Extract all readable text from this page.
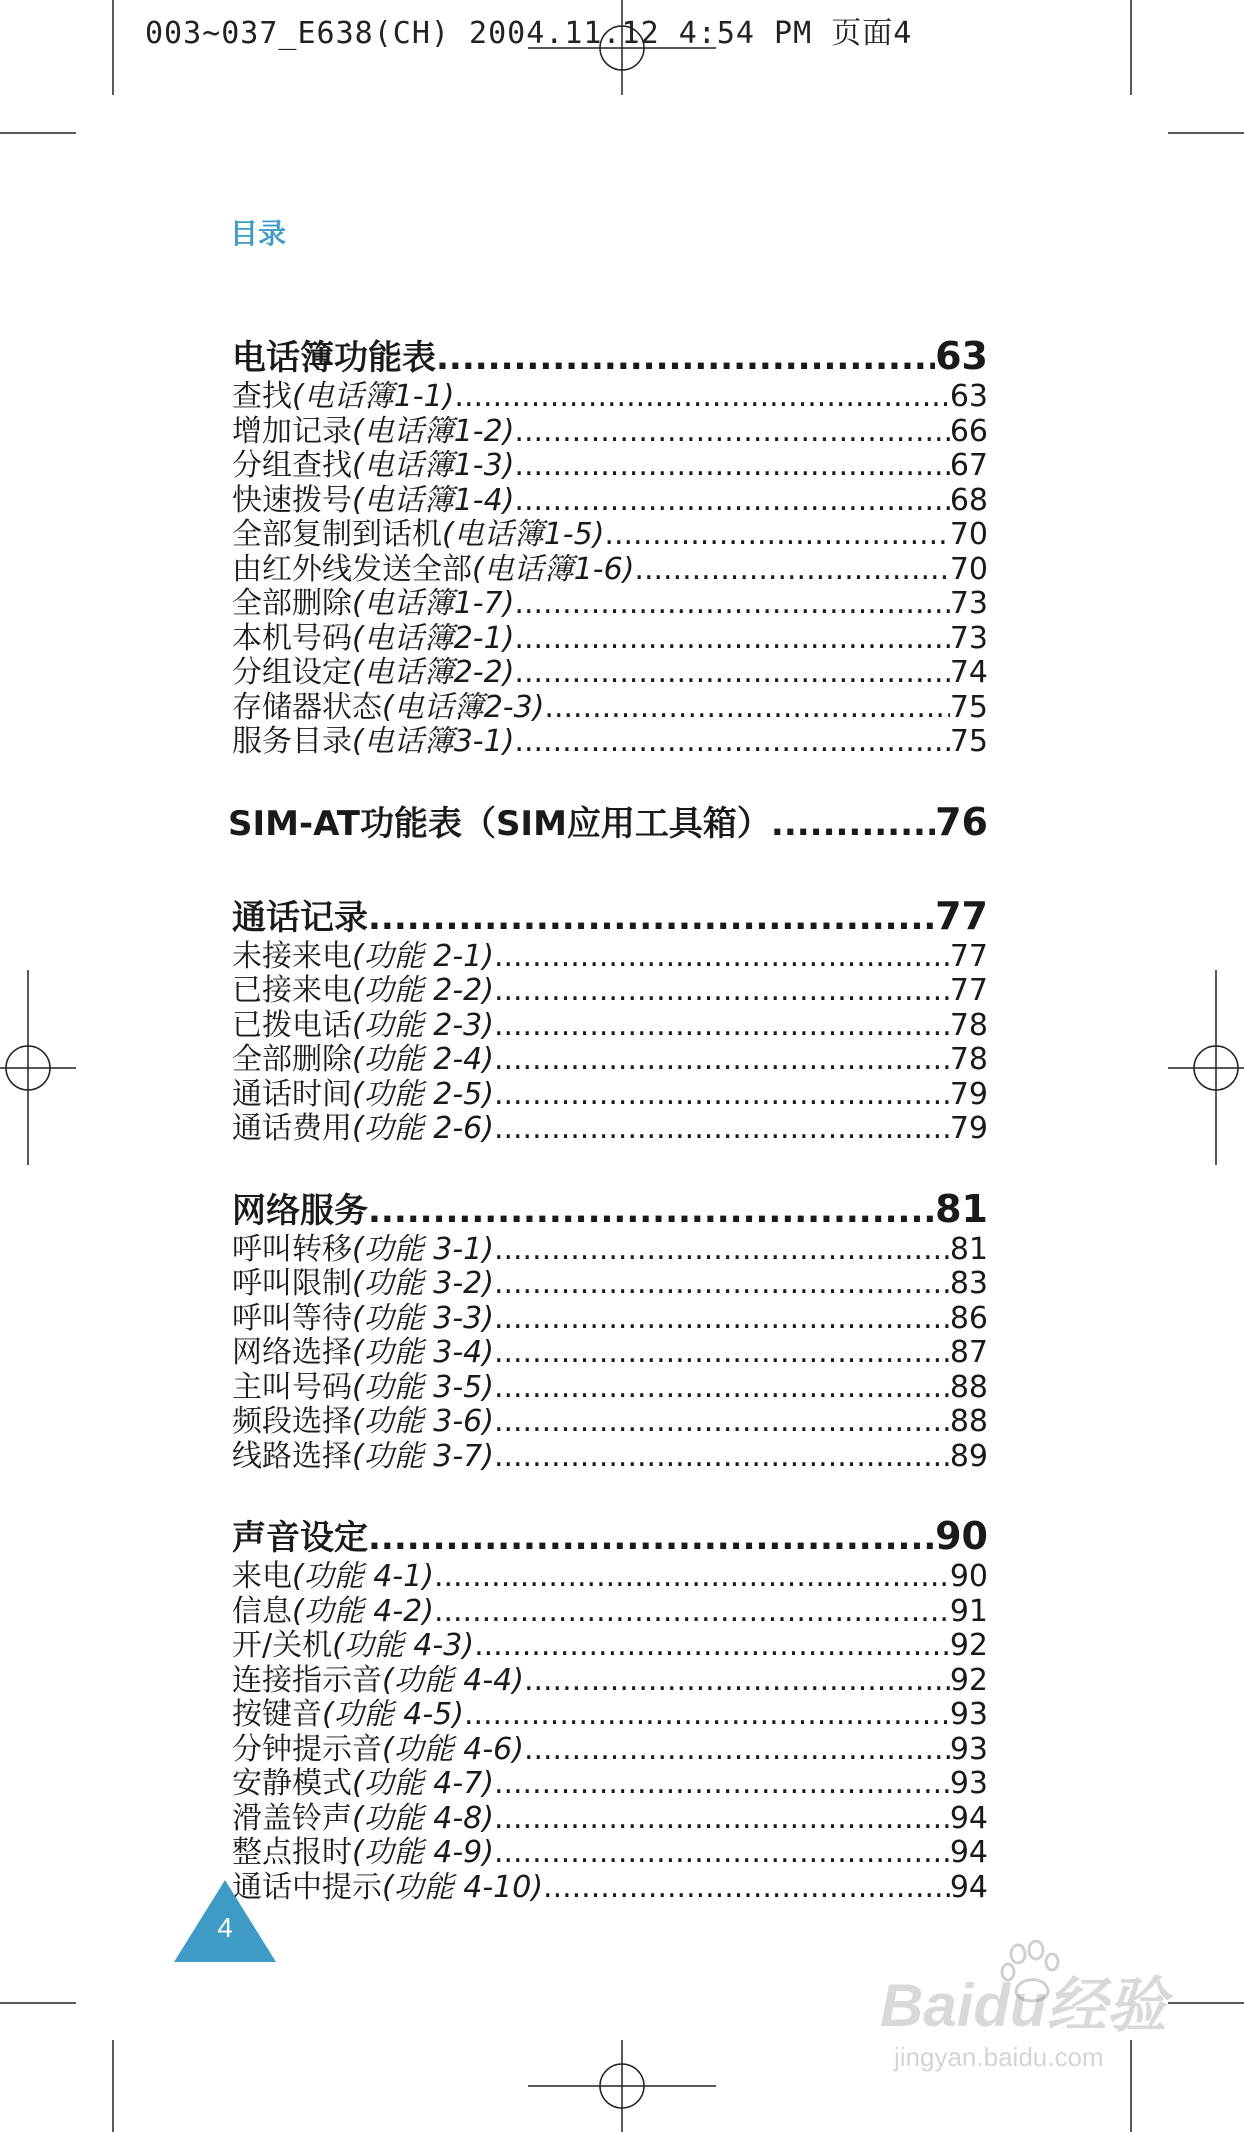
003~037_E638(CH) 2004.11.12 4:54 PM 页面4
目录
电话簿功能表 .....	63
查找 (电话簿1-1) .....	63
增加记录 (电话簿1-2) .....	66
分组查找 (电话簿1-3) .....	67
快速拨号 (电话簿1-4) .....	68
全部复制到话机 (电话簿1-5) .....	70
由红外线发送全部 (电话簿1-6) .....	70
全部删除 (电话簿1-7) .....	73
本机号码 (电话簿2-1) .....	73
分组设定 (电话簿2-2) .....	74
存储器状态 (电话簿2-3) .....	75
服务目录 (电话簿3-1) .....	75
SIM-AT功能表（SIM应用工具箱） .....	76
通话记录 .....	77
未接来电 (功能 2-1) .....	77
已接来电 (功能 2-2) .....	77
已拨电话 (功能 2-3) .....	78
全部删除 (功能 2-4) .....	78
通话时间 (功能 2-5) .....	79
通话费用 (功能 2-6) .....	79
网络服务 .....	81
呼叫转移 (功能 3-1) .....	81
呼叫限制 (功能 3-2) .....	83
呼叫等待 (功能 3-3) .....	86
网络选择 (功能 3-4) .....	87
主叫号码 (功能 3-5) .....	88
频段选择 (功能 3-6) .....	88
线路选择 (功能 3-7) .....	89
声音设定 .....	90
来电 (功能 4-1) .....	90
信息 (功能 4-2) .....	91
开/关机 (功能 4-3) .....	92
连接指示音 (功能 4-4) .....	92
按键音 (功能 4-5) .....	93
分钟提示音 (功能 4-6) .....	93
安静模式 (功能 4-7) .....	93
滑盖铃声 (功能 4-8) .....	94
整点报时 (功能 4-9) .....	94
通话中提示 (功能 4-10) .....	94
4
Baidu经验
jingyan.baidu.com
